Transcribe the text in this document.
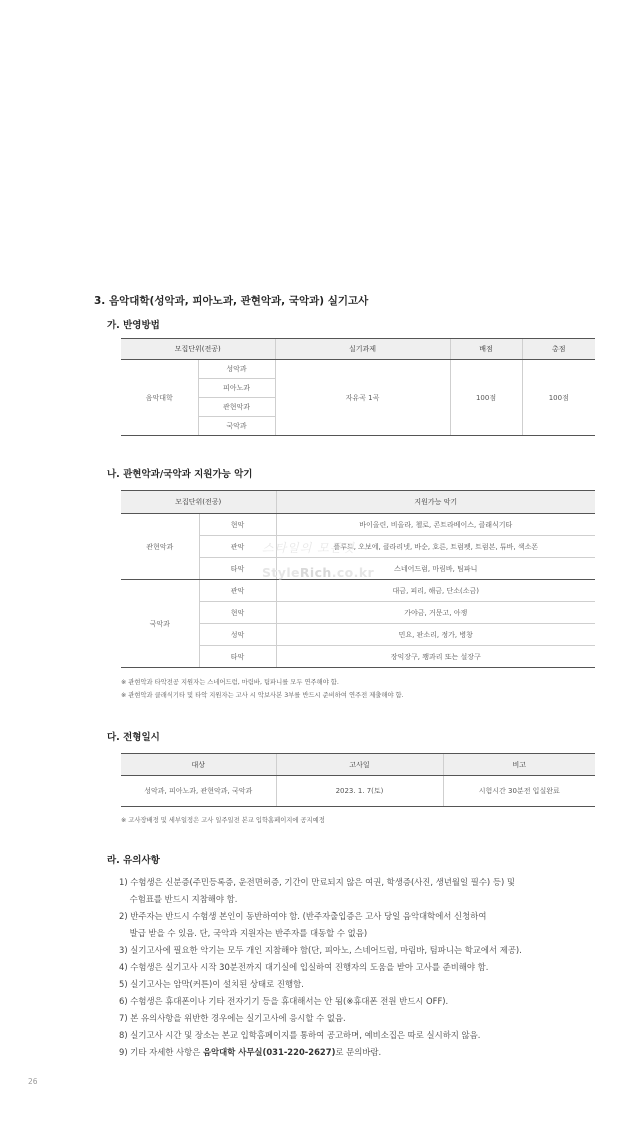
3. 음악대학(성악과, 피아노과, 관현악과, 국악과) 실기고사
가. 반영방법
모집단위(전공)		실기과제	배점	총점
음악대학	성악과	자유곡 1곡	100점	100점
	피아노과			
	관현악과			
	국악과			
나. 관현악과/국악과 지원가능 악기
모집단위(전공)		지원가능 악기
관현악과	현악	바이올린, 비올라, 첼로, 콘트라베이스, 클래식기타
	관악	플루트, 오보에, 클라리넷, 바순, 호른, 트럼펫, 트럼본, 튜바, 색소폰
	타악	스네어드럼, 마림바, 팀파니
국악과	관악	대금, 피리, 해금, 단소(소금)
	현악	가야금, 거문고, 아쟁
	성악	민요, 판소리, 정가, 병창
	타악	장익장구, 꽹과리 또는 설장구
스타일의 모든것
StyleRich.co.kr
※ 관현악과 타악전공 지원자는 스네어드럼, 마림바, 팀파니를 모두 연주해야 함.
※ 관현악과 클래식기타 및 타악 지원자는 고사 시 악보사본 3부를 반드시 준비하여 연주전 제출해야 함.
다. 전형일시
대상	고사일	비고
성악과, 피아노과, 관현악과, 국악과	2023. 1. 7(토)	시험시간 30분전 입실완료
※ 고사장배정 및 세부일정은 고사 일주일전 본교 입학홈페이지에 공지예정
라. 유의사항
1) 수험생은 신분증(주민등록증, 운전면허증, 기간이 만료되지 않은 여권, 학생증(사진, 생년월일 필수) 등) 및
수험표를 반드시 지참해야 함.
2) 반주자는 반드시 수험생 본인이 동반하여야 함. (반주자출입증은 고사 당일 음악대학에서 신청하여
발급 받을 수 있음. 단, 국악과 지원자는 반주자를 대동할 수 없음)
3) 실기고사에 필요한 악기는 모두 개인 지참해야 함(단, 피아노, 스네어드럼, 마림바, 팀파니는 학교에서 제공).
4) 수험생은 실기고사 시작 30분전까지 대기실에 입실하여 진행자의 도움을 받아 고사를 준비해야 함.
5) 실기고사는 암막(커튼)이 설치된 상태로 진행함.
6) 수험생은 휴대폰이나 기타 전자기기 등을 휴대해서는 안 됨(※휴대폰 전원 반드시 OFF).
7) 본 유의사항을 위반한 경우에는 실기고사에 응시할 수 없음.
8) 실기고사 시간 및 장소는 본교 입학홈페이지를 통하여 공고하며, 예비소집은 따로 실시하지 않음.
9) 기타 자세한 사항은 음악대학 사무실(031-220-2627)로 문의바람.
26
